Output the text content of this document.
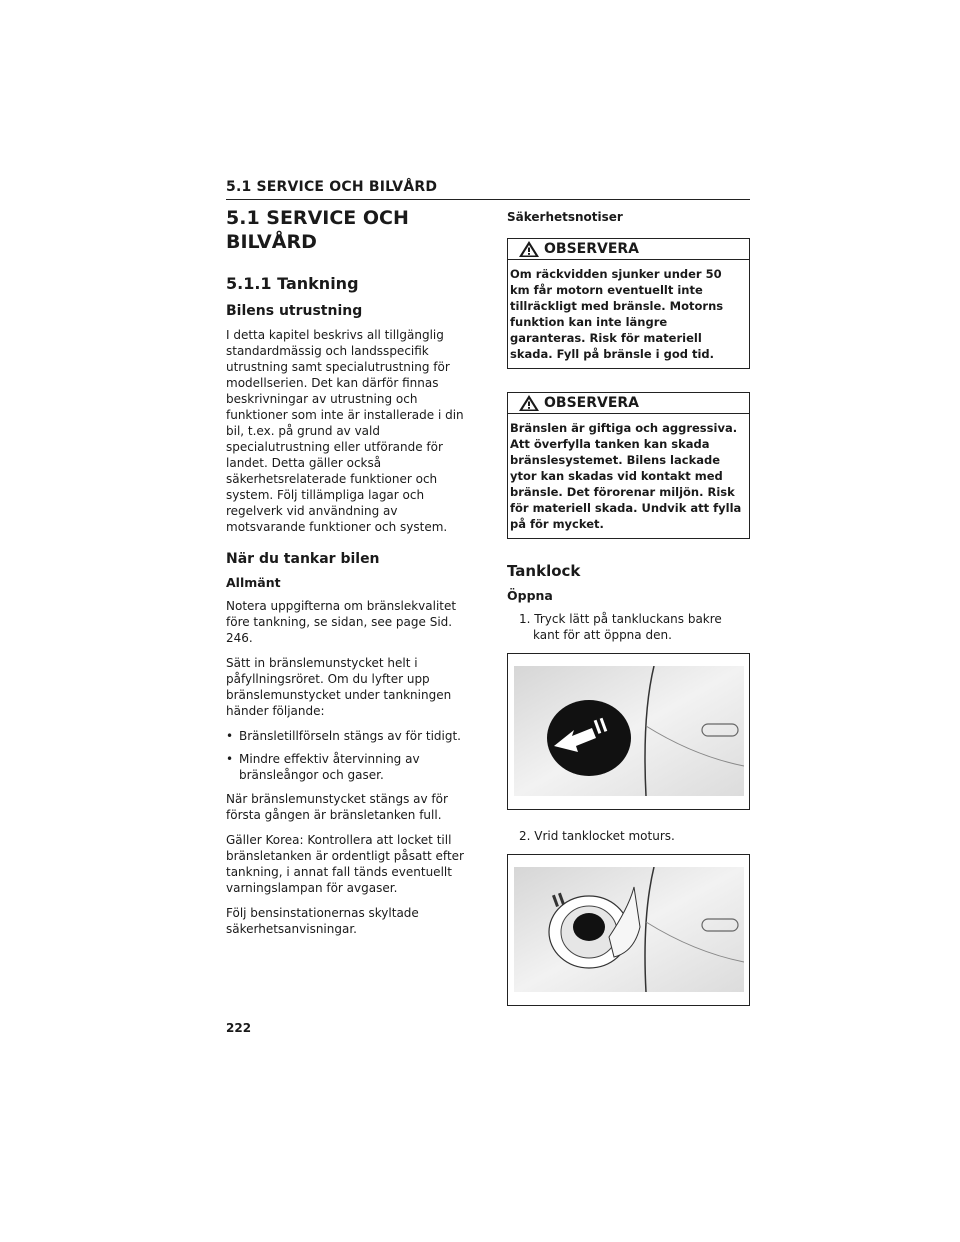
5.1 SERVICE OCH BILVÅRD
5.1 SERVICE OCH BILVÅRD
5.1.1 Tankning
Bilens utrustning

I detta kapitel beskrivs all tillgänglig standardmässig och landsspecifik utrustning samt specialutrustning för modellserien. Det kan därför finnas beskrivningar av utrustning och funktioner som inte är installerade i din bil, t.ex. på grund av vald specialutrustning eller utförande för landet. Detta gäller också säkerhetsrelaterade funktioner och system. Följ tillämpliga lagar och regelverk vid användning av motsvarande funktioner och system.

När du tankar bilen
Allmänt

Notera uppgifterna om bränslekvalitet före tankning, se sidan, see page Sid. 246.

Sätt in bränslemunstycket helt i påfyllningsröret. Om du lyfter upp bränslemunstycket under tankningen händer följande:

• Bränsletillförseln stängs av för tidigt.
• Mindre effektiv återvinning av bränsleångor och gaser.

När bränslemunstycket stängs av för första gången är bränsletanken full.

Gäller Korea: Kontrollera att locket till bränsletanken är ordentligt påsatt efter tankning, i annat fall tänds eventuellt varningslampan för avgaser.

Följ bensinstationernas skyltade säkerhetsanvisningar.

Säkerhetsnotiser
OBSERVERA
Om räckvidden sjunker under 50 km får motorn eventuellt inte tillräckligt med bränsle. Motorns funktion kan inte längre garanteras. Risk för materiell skada. Fyll på bränsle i god tid.
OBSERVERA
Bränslen är giftiga och aggressiva. Att överfylla tanken kan skada bränslesystemet. Bilens lackade ytor kan skadas vid kontakt med bränsle. Det förorenar miljön. Risk för materiell skada. Undvik att fylla på för mycket.
Tanklock
Öppna
1. Tryck lätt på tankluckans bakre kant för att öppna den.
2. Vrid tanklocket moturs.
222
